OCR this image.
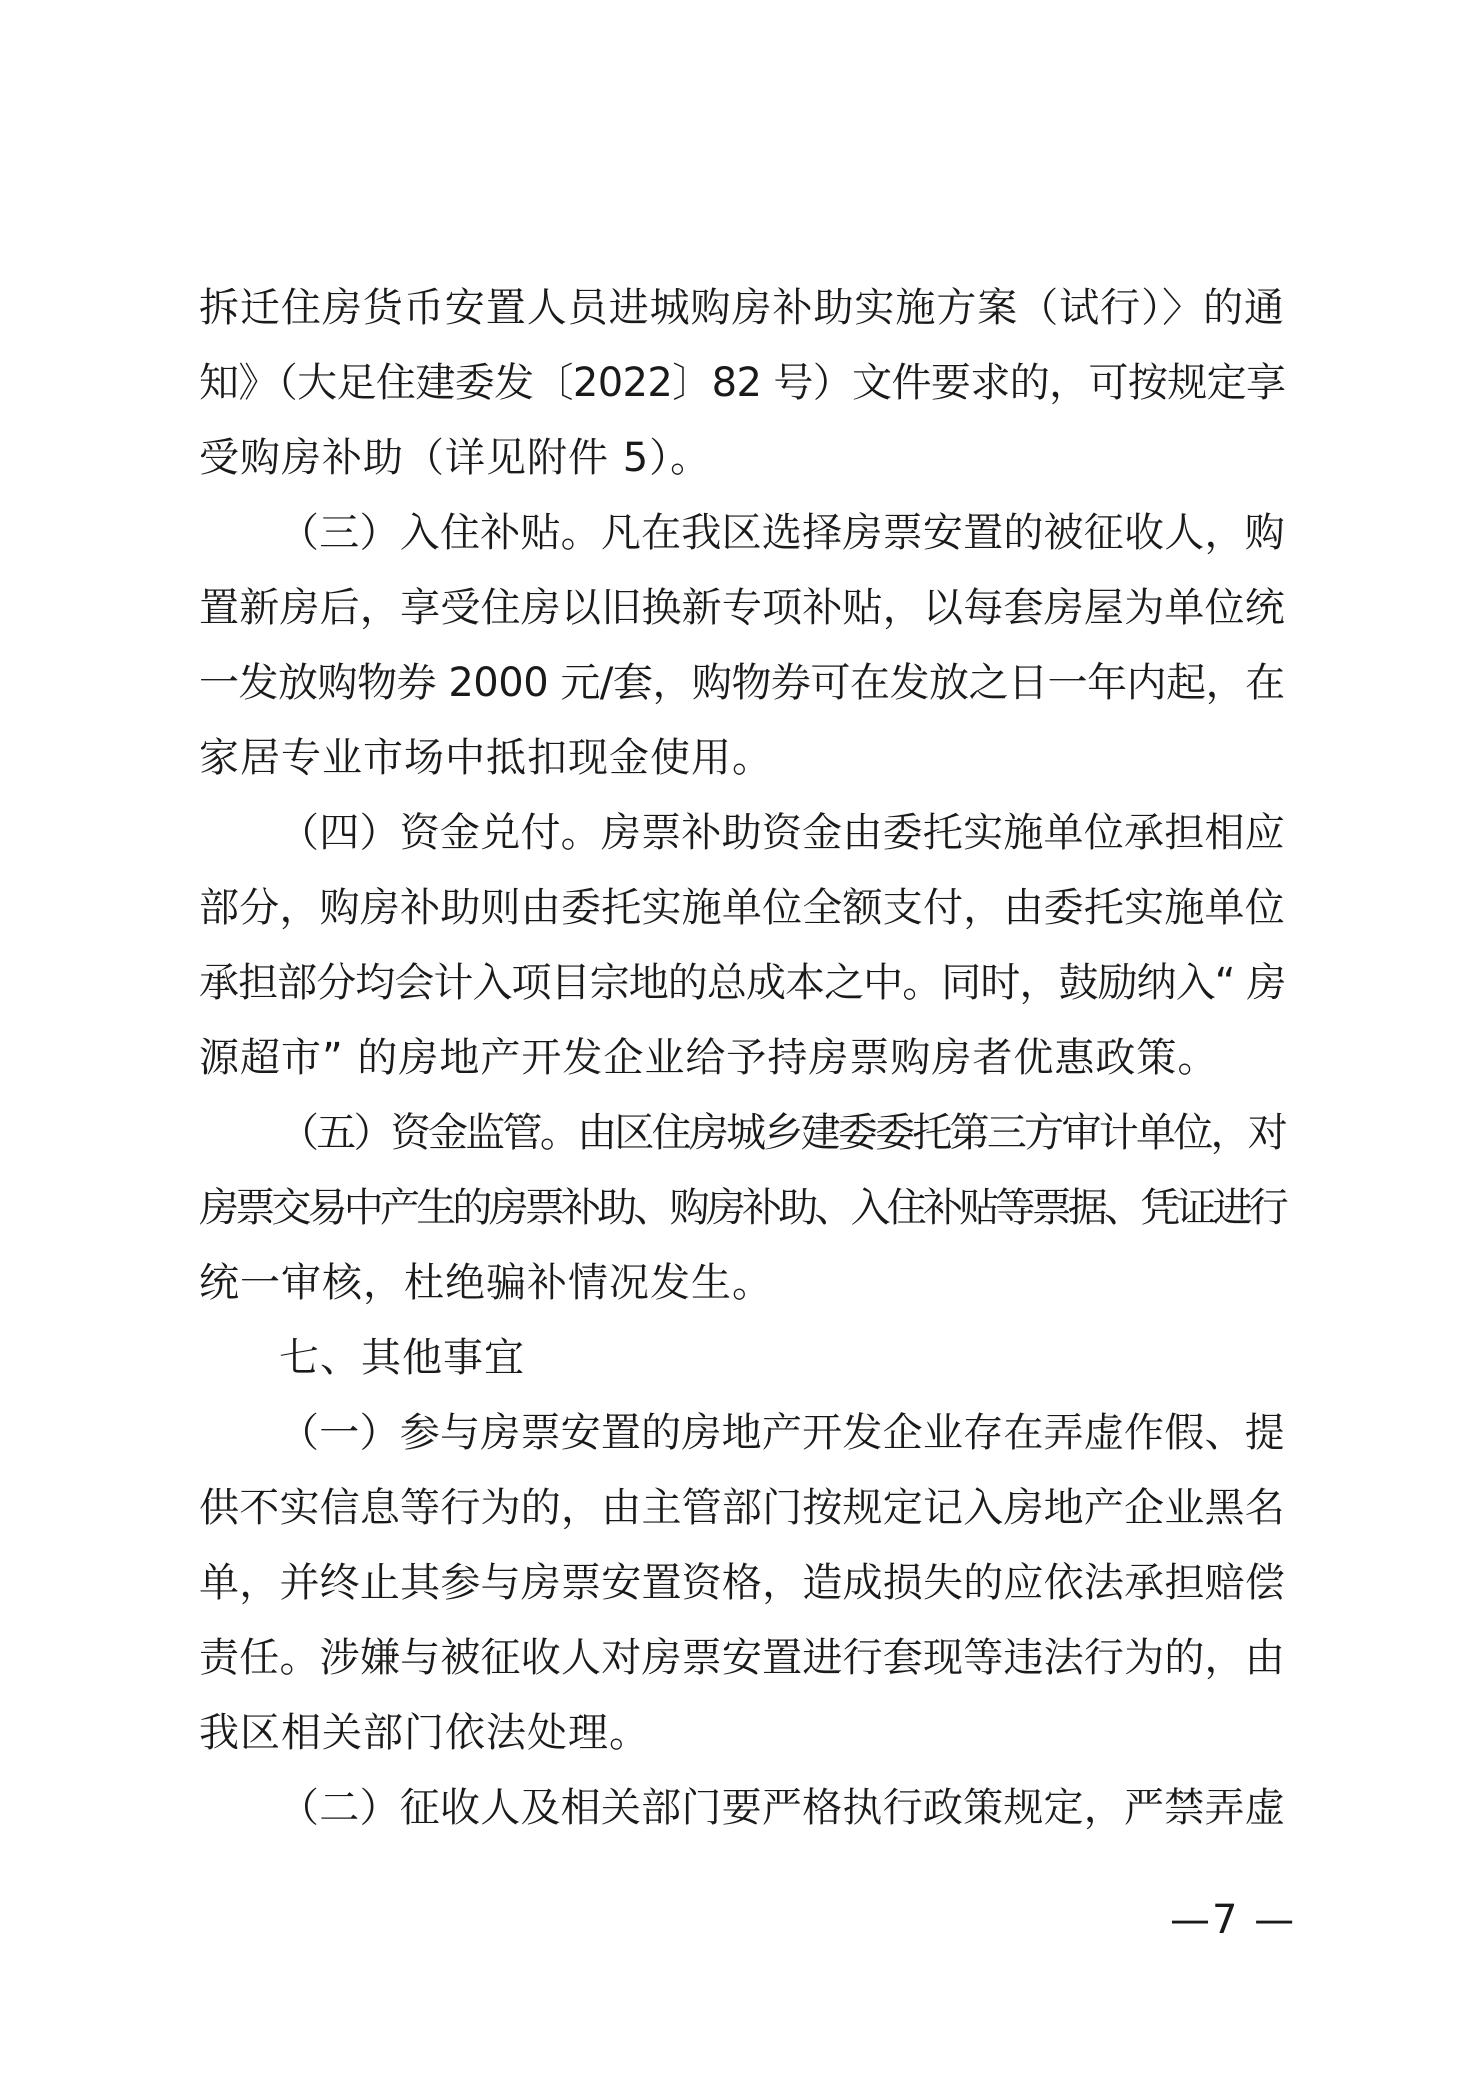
拆迁住房货币安置人员进城购房补助实施方案（试行）〉的通
知》（大足住建委发〔2022〕82 号）文件要求的，可按规定享
受购房补助（详见附件 5）。
（三）入住补贴。凡在我区选择房票安置的被征收人，购
置新房后，享受住房以旧换新专项补贴，以每套房屋为单位统
一发放购物券 2000 元/套，购物券可在发放之日一年内起，在
家居专业市场中抵扣现金使用。
（四）资金兑付。房票补助资金由委托实施单位承担相应
部分，购房补助则由委托实施单位全额支付，由委托实施单位
承担部分均会计入项目宗地的总成本之中。同时，鼓励纳入“ 房
源超市” 的房地产开发企业给予持房票购房者优惠政策。
（五）资金监管。由区住房城乡建委委托第三方审计单位，对
房票交易中产生的房票补助、购房补助、入住补贴等票据、凭证进行
统一审核，杜绝骗补情况发生。
七、其他事宜
（一）参与房票安置的房地产开发企业存在弄虚作假、提
供不实信息等行为的，由主管部门按规定记入房地产企业黑名
单，并终止其参与房票安置资格，造成损失的应依法承担赔偿
责任。涉嫌与被征收人对房票安置进行套现等违法行为的，由
我区相关部门依法处理。
（二）征收人及相关部门要严格执行政策规定，严禁弄虚
—7 —
